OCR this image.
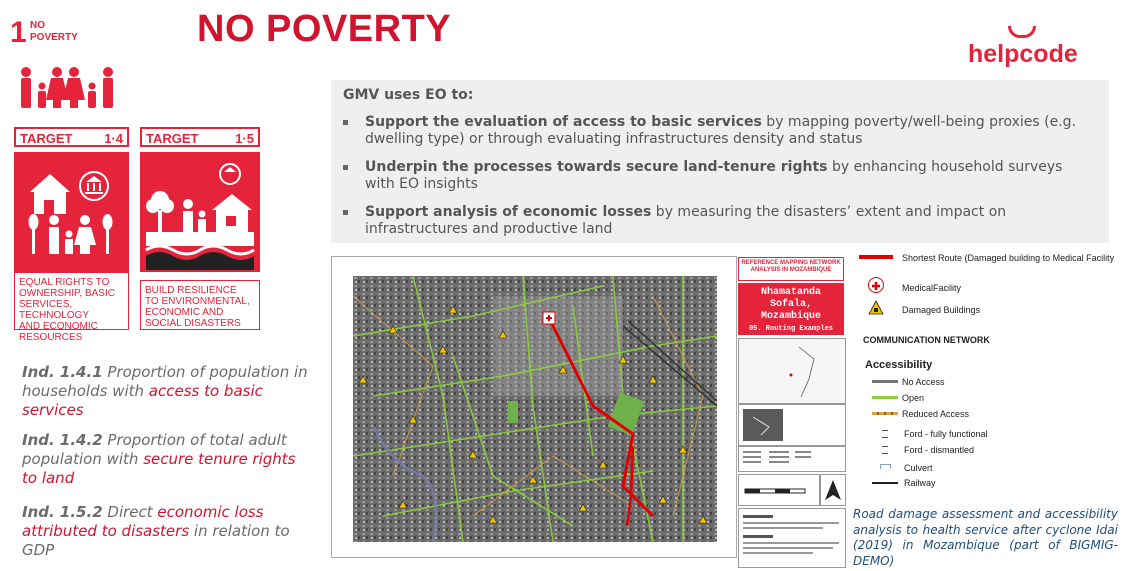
1 NO
POVERTY	NO POVERTY
helpcode
TARGET 1·4
EQUAL RIGHTS TO
OWNERSHIP, BASIC
SERVICES, TECHNOLOGY
AND ECONOMIC
RESOURCES
TARGET	1·5
BUILD RESILIENCE
TO ENVIRONMENTAL,
ECONOMIC AND
SOCIAL DISASTERS
Ind. 1.4.1 Proportion of population in households with access to basic services
Ind. 1.4.2 Proportion of total adult population with secure tenure rights to land
Ind. 1.5.2 Direct economic loss attributed to disasters in relation to GDP
GMV uses EO to:
Support the evaluation of access to basic services by mapping poverty/well-being proxies (e.g. dwelling type) or through evaluating infrastructures density and status
Underpin the processes towards secure land-tenure rights by enhancing household surveys with EO insights
Support analysis of economic losses by measuring the disasters’ extent and impact on infrastructures and productive land
REFERENCE MAPPING NETWORK ANALYSIS IN MOZAMBIQUE
Nhamatanda Sofala, Mozambique
05. Routing Examples
Shortest Route (Damaged building to Medical Facility
MedicalFacility
Damaged Buildings
COMMUNICATION NETWORK
Accessibility
No Access
Open
Reduced Access
Ford - fully functional
Ford - dismantled
Culvert
Railway
Road damage assessment and accessibility analysis to health service after cyclone Idai (2019) in Mozambique (part of BIGMIG-DEMO)
